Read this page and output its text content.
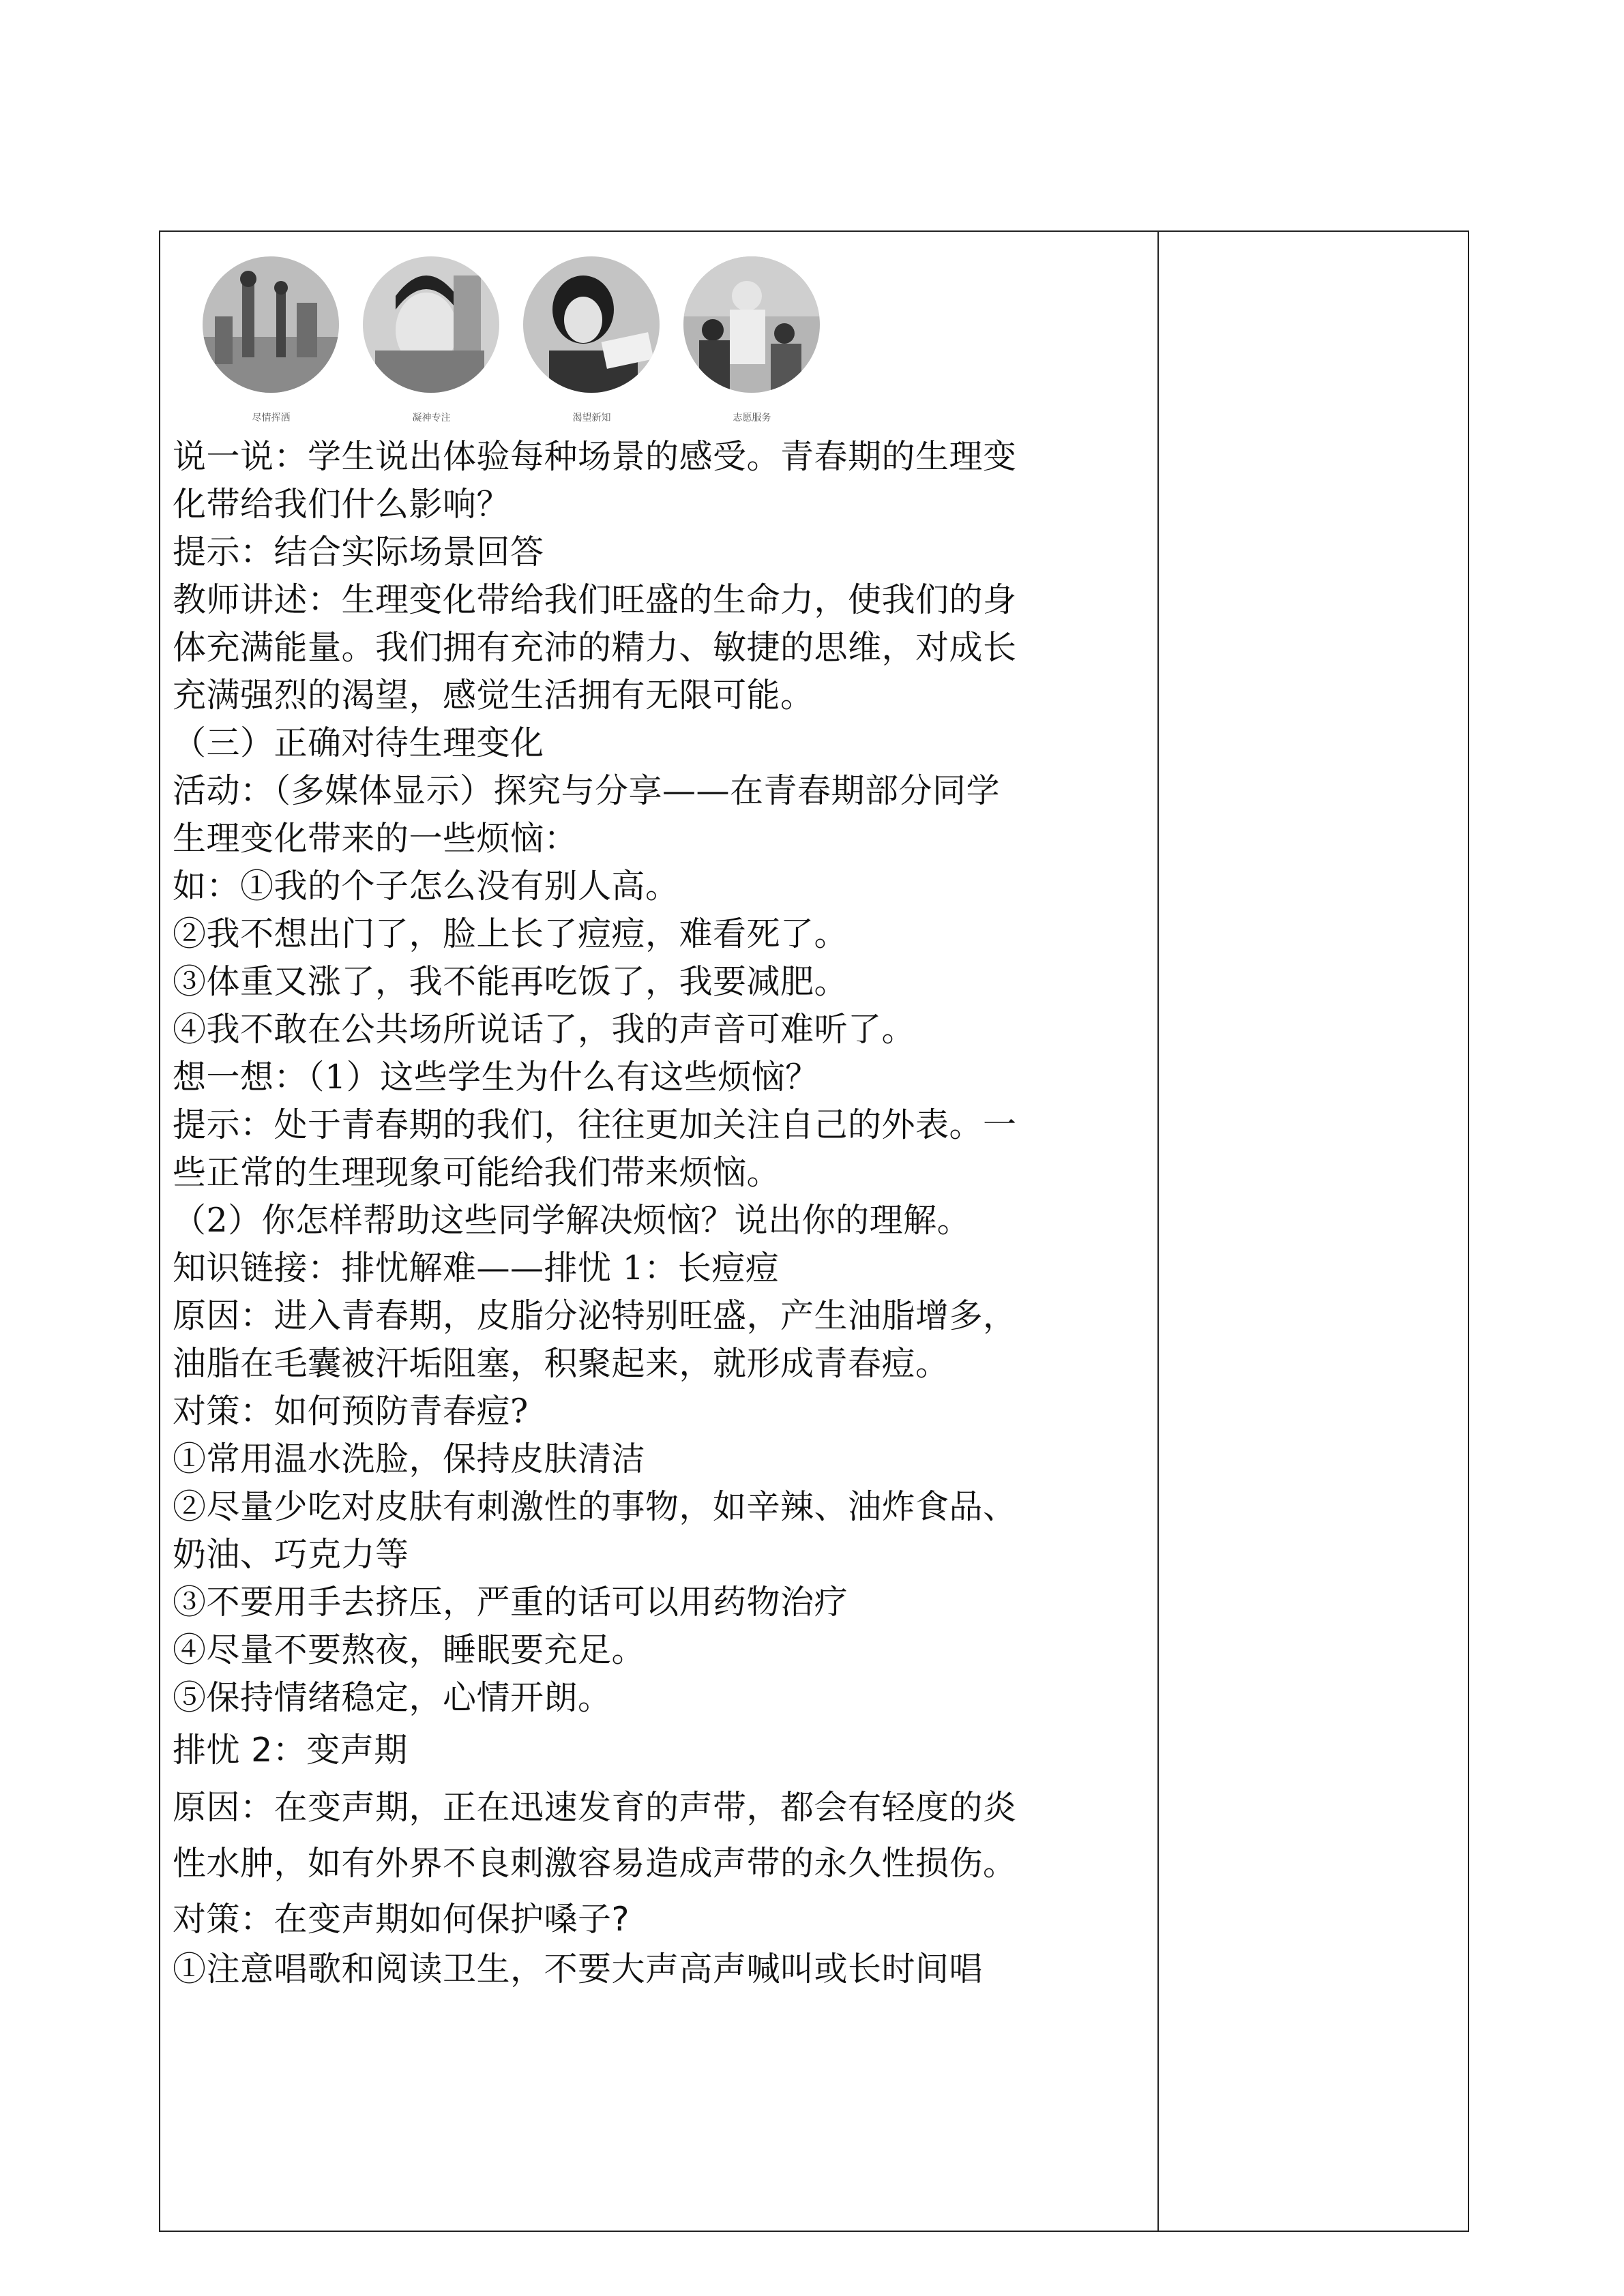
尽情挥洒	凝神专注	渴望新知	志愿服务
说一说：学生说出体验每种场景的感受。青春期的生理变
化带给我们什么影响？
提示：结合实际场景回答
教师讲述：生理变化带给我们旺盛的生命力，使我们的身
体充满能量。我们拥有充沛的精力、敏捷的思维，对成长
充满强烈的渴望，感觉生活拥有无限可能。
（三）正确对待生理变化
活动：（多媒体显示）探究与分享——在青春期部分同学
生理变化带来的一些烦恼：
如：①我的个子怎么没有别人高。
②我不想出门了，脸上长了痘痘，难看死了。
③体重又涨了，我不能再吃饭了，我要减肥。
④我不敢在公共场所说话了，我的声音可难听了。
想一想：（1）这些学生为什么有这些烦恼？
提示：处于青春期的我们，往往更加关注自己的外表。一
些正常的生理现象可能给我们带来烦恼。
（2）你怎样帮助这些同学解决烦恼？说出你的理解。
知识链接：排忧解难——排忧 1：长痘痘
原因：进入青春期，皮脂分泌特别旺盛，产生油脂增多，
油脂在毛囊被汗垢阻塞，积聚起来，就形成青春痘。
对策：如何预防青春痘?
①常用温水洗脸，保持皮肤清洁
②尽量少吃对皮肤有刺激性的事物，如辛辣、油炸食品、
奶油、巧克力等
③不要用手去挤压，严重的话可以用药物治疗
④尽量不要熬夜，睡眠要充足。
⑤保持情绪稳定，心情开朗。
排忧 2：变声期
原因：在变声期，正在迅速发育的声带，都会有轻度的炎
性水肿，如有外界不良刺激容易造成声带的永久性损伤。
对策：在变声期如何保护嗓子?
①注意唱歌和阅读卫生，不要大声高声喊叫或长时间唱
